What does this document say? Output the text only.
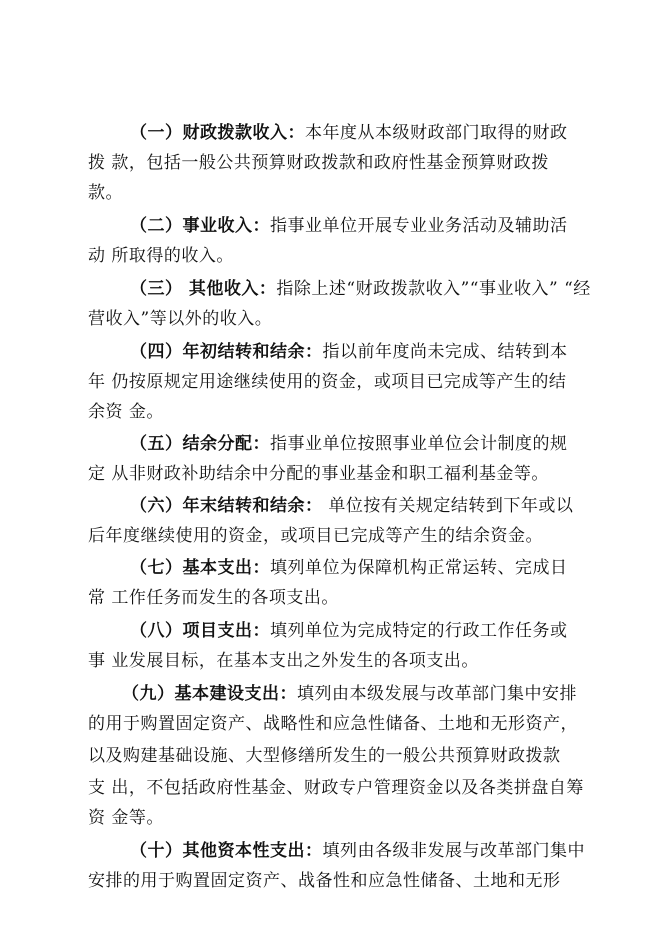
（一）财政拨款收入：本年度从本级财政部门取得的财政
拨 款，包括一般公共预算财政拨款和政府性基金预算财政拨
款。
（二）事业收入：指事业单位开展专业业务活动及辅助活
动 所取得的收入。
（三） 其他收入：指除上述“财政拨款收入”“事业收入” “经
营收入”等以外的收入。
（四）年初结转和结余：指以前年度尚未完成、结转到本
年 仍按原规定用途继续使用的资金，或项目已完成等产生的结
余资 金。
（五）结余分配：指事业单位按照事业单位会计制度的规
定 从非财政补助结余中分配的事业基金和职工福利基金等。
（六）年末结转和结余： 单位按有关规定结转到下年或以
后年度继续使用的资金，或项目已完成等产生的结余资金。
（七）基本支出：填列单位为保障机构正常运转、完成日
常 工作任务而发生的各项支出。
（八）项目支出：填列单位为完成特定的行政工作任务或
事 业发展目标，在基本支出之外发生的各项支出。
（九）基本建设支出：填列由本级发展与改革部门集中安排
的用于购置固定资产、战略性和应急性储备、土地和无形资产，
以及购建基础设施、大型修缮所发生的一般公共预算财政拨款
支 出，不包括政府性基金、财政专户管理资金以及各类拼盘自筹
资 金等。
（十）其他资本性支出：填列由各级非发展与改革部门集中
安排的用于购置固定资产、战备性和应急性储备、土地和无形
